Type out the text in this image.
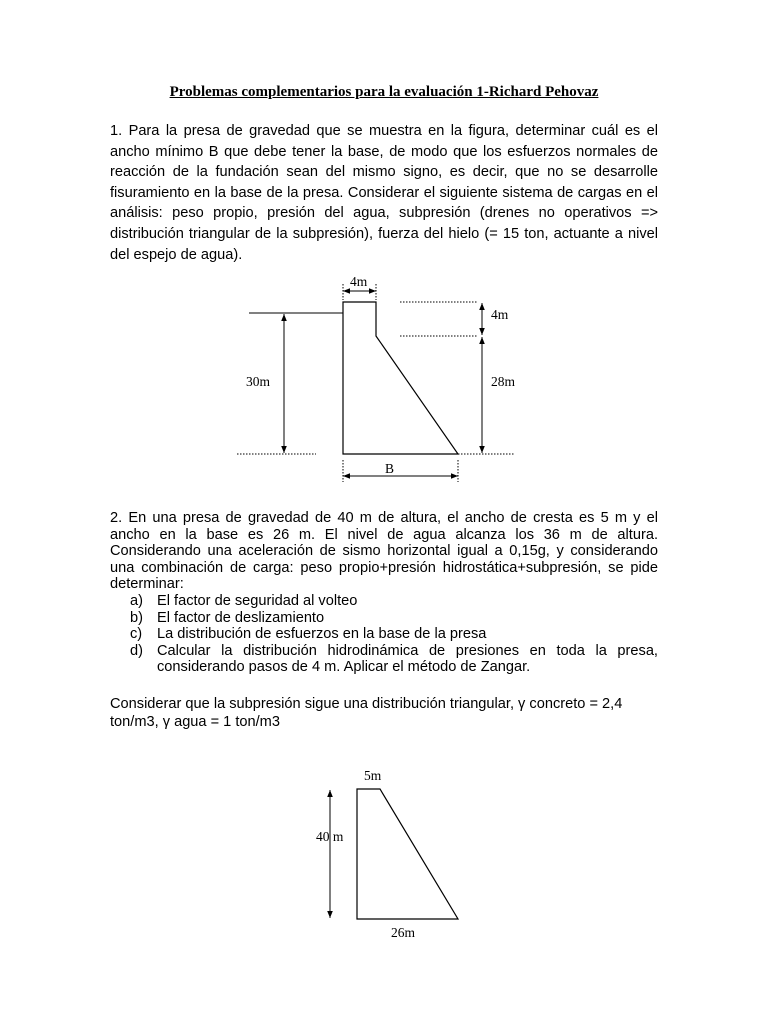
Problemas complementarios para la evaluación 1-Richard Pehovaz

1. Para la presa de gravedad que se muestra en la figura, determinar cuál es el ancho mínimo B que debe tener la base, de modo que los esfuerzos normales de reacción de la fundación sean del mismo signo, es decir, que no se desarrolle fisuramiento en la base de la presa. Considerar el siguiente sistema de cargas en el análisis: peso propio, presión del agua, subpresión (drenes no operativos => distribución triangular de la subpresión), fuerza del hielo (= 15 ton, actuante a nivel del espejo de agua).

4m
30m
4m
28m
B

2. En una presa de gravedad de 40 m de altura, el ancho de cresta es 5 m y el ancho en la base es 26 m. El nivel de agua alcanza los 36 m de altura. Considerando una aceleración de sismo horizontal igual a 0,15g, y considerando una combinación de carga: peso propio+presión hidrostática+subpresión, se pide determinar:

a) El factor de seguridad al volteo
b) El factor de deslizamiento
c) La distribución de esfuerzos en la base de la presa
d) Calcular la distribución hidrodinámica de presiones en toda la presa, considerando pasos de 4 m. Aplicar el método de Zangar.

Considerar que la subpresión sigue una distribución triangular, γ concreto = 2,4

ton/m3, γ agua = 1 ton/m3

5m
40 m
26m
